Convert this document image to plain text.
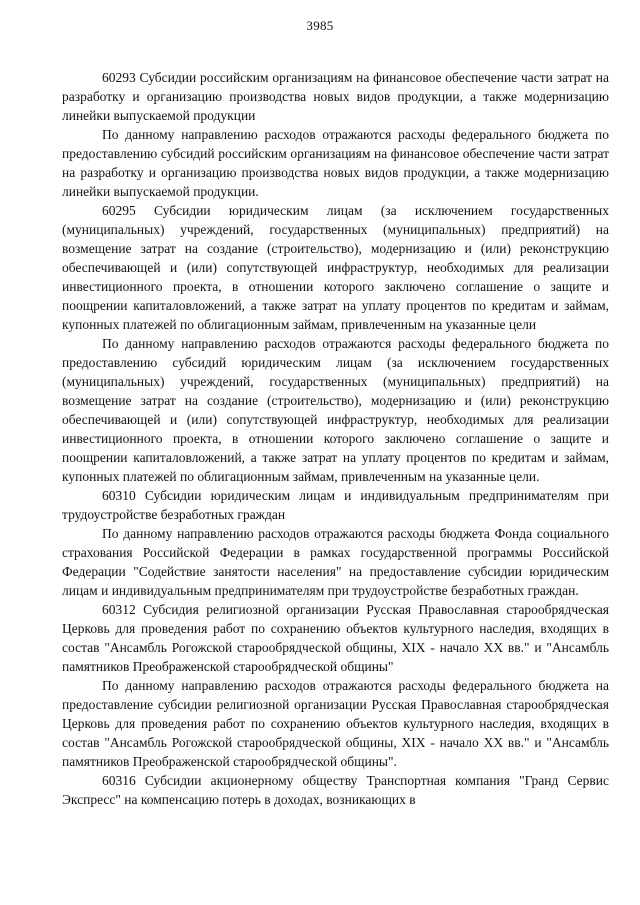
3985

60293 Субсидии российским организациям на финансовое обеспечение части затрат на разработку и организацию производства новых видов продукции, а также модернизацию линейки выпускаемой продукции

По данному направлению расходов отражаются расходы федерального бюджета по предоставлению субсидий российским организациям на финансовое обеспечение части затрат на разработку и организацию производства новых видов продукции, а также модернизацию линейки выпускаемой продукции.

60295 Субсидии юридическим лицам (за исключением государственных (муниципальных) учреждений, государственных (муниципальных) предприятий) на возмещение затрат на создание (строительство), модернизацию и (или) реконструкцию обеспечивающей и (или) сопутствующей инфраструктур, необходимых для реализации инвестиционного проекта, в отношении которого заключено соглашение о защите и поощрении капиталовложений, а также затрат на уплату процентов по кредитам и займам, купонных платежей по облигационным займам, привлеченным на указанные цели

По данному направлению расходов отражаются расходы федерального бюджета по предоставлению субсидий юридическим лицам (за исключением государственных (муниципальных) учреждений, государственных (муниципальных) предприятий) на возмещение затрат на создание (строительство), модернизацию и (или) реконструкцию обеспечивающей и (или) сопутствующей инфраструктур, необходимых для реализации инвестиционного проекта, в отношении которого заключено соглашение о защите и поощрении капиталовложений, а также затрат на уплату процентов по кредитам и займам, купонных платежей по облигационным займам, привлеченным на указанные цели.

60310 Субсидии юридическим лицам и индивидуальным предпринимателям при трудоустройстве безработных граждан

По данному направлению расходов отражаются расходы бюджета Фонда социального страхования Российской Федерации в рамках государственной программы Российской Федерации "Содействие занятости населения" на предоставление субсидии юридическим лицам и индивидуальным предпринимателям при трудоустройстве безработных граждан.

60312 Субсидия религиозной организации Русская Православная старообрядческая Церковь для проведения работ по сохранению объектов культурного наследия, входящих в состав "Ансамбль Рогожской старообрядческой общины, XIX - начало XX вв." и "Ансамбль памятников Преображенской старообрядческой общины"

По данному направлению расходов отражаются расходы федерального бюджета на предоставление субсидии религиозной организации Русская Православная старообрядческая Церковь для проведения работ по сохранению объектов культурного наследия, входящих в состав "Ансамбль Рогожской старообрядческой общины, XIX - начало XX вв." и "Ансамбль памятников Преображенской старообрядческой общины".

60316 Субсидии акционерному обществу Транспортная компания "Гранд Сервис Экспресс" на компенсацию потерь в доходах, возникающих в
